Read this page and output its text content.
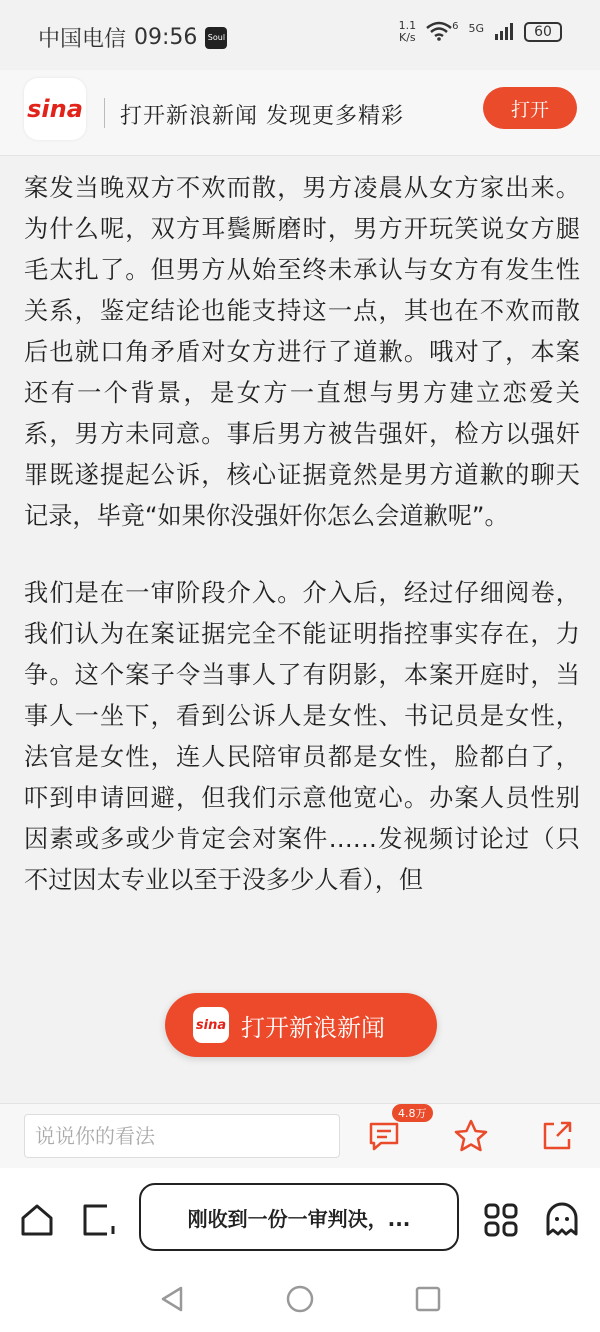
中国电信 09:56 Soul
1.1
K/s
6 5G	60
sina 打开新浪新闻 发现更多精彩	打开

案发当晚双方不欢而散，男方凌晨从女方家出来。为什么呢，双方耳鬓厮磨时，男方开玩笑说女方腿毛太扎了。但男方从始至终未承认与女方有发生性关系，鉴定结论也能支持这一点，其也在不欢而散后也就口角矛盾对女方进行了道歉。哦对了，本案还有一个背景，是女方一直想与男方建立恋爱关系，男方未同意。事后男方被告强奸，检方以强奸罪既遂提起公诉，核心证据竟然是男方道歉的聊天记录，毕竟“如果你没强奸你怎么会道歉呢”。

我们是在一审阶段介入。介入后，经过仔细阅卷，我们认为在案证据完全不能证明指控事实存在，力争。这个案子令当事人了有阴影，本案开庭时，当事人一坐下，看到公诉人是女性、书记员是女性，法官是女性，连人民陪审员都是女性，脸都白了，吓到申请回避，但我们示意他宽心。办案人员性别因素或多或少肯定会对案件……发视频讨论过（只不过因太专业以至于没多少人看），但

sina 打开新浪新闻
说说你的看法
4.8万
刚收到一份一审判决，...
